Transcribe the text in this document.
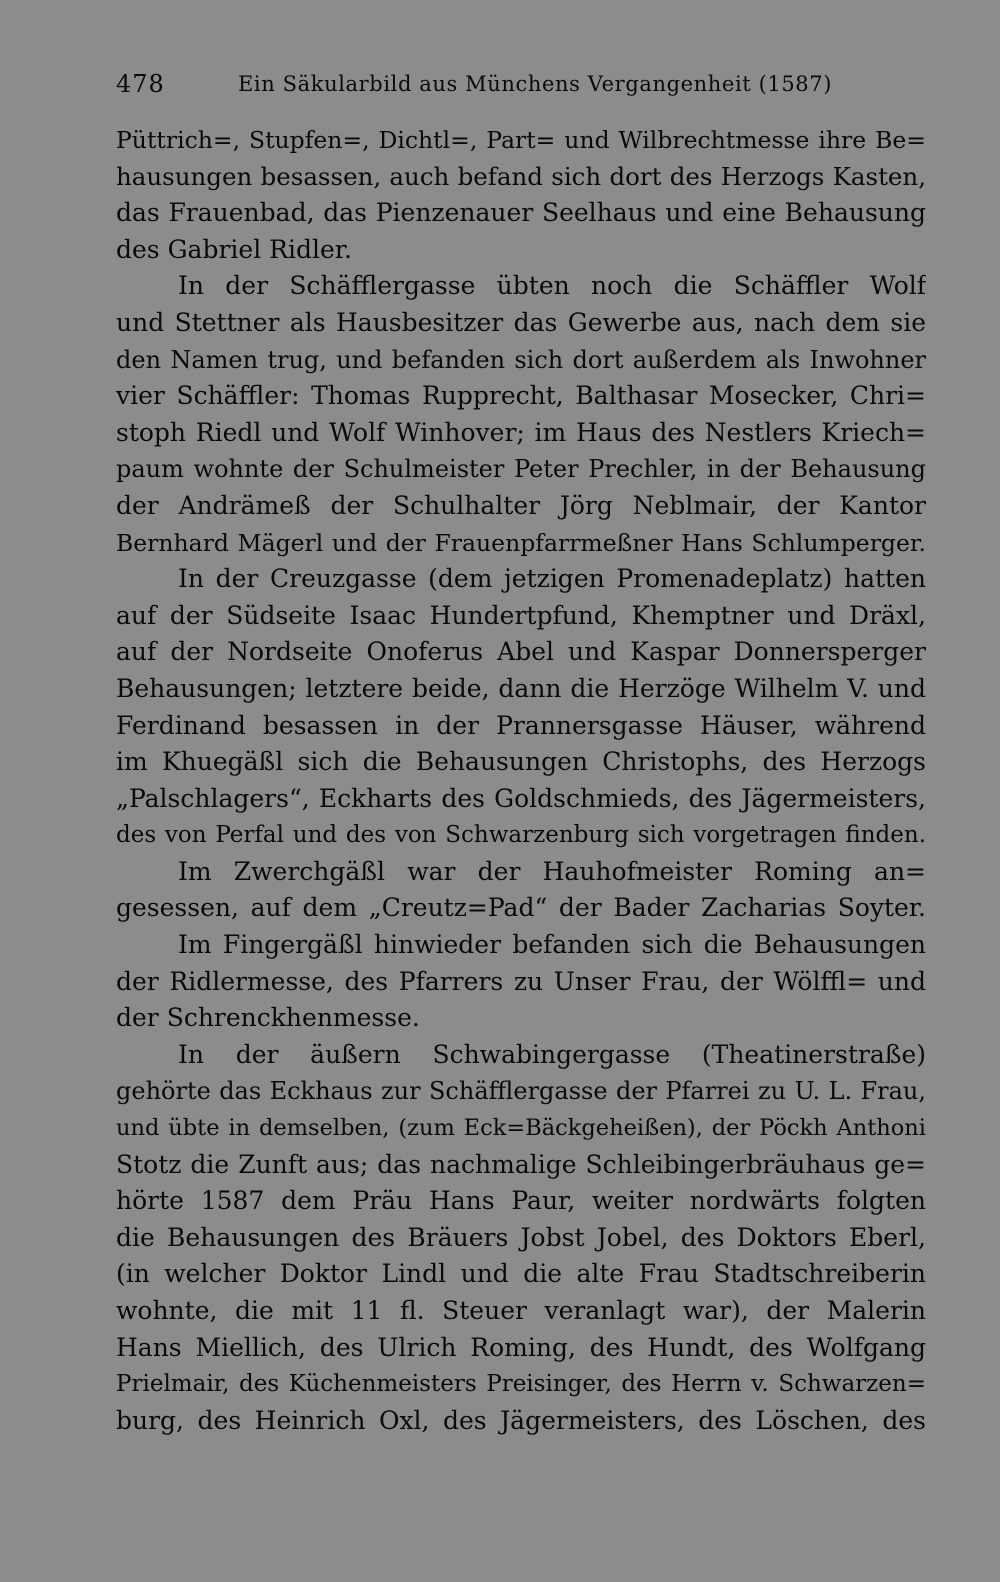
478	Ein Säkularbild aus Münchens Vergangenheit (1587)
Püttrich=, Stupfen=, Dichtl=, Part= und Wilbrechtmesse ihre Be=
hausungen besassen, auch befand sich dort des Herzogs Kasten,
das Frauenbad, das Pienzenauer Seelhaus und eine Behausung
des Gabriel Ridler.
In der Schäfflergasse übten noch die Schäffler Wolf
und Stettner als Hausbesitzer das Gewerbe aus, nach dem sie
den Namen trug, und befanden sich dort außerdem als Inwohner
vier Schäffler: Thomas Rupprecht, Balthasar Mosecker, Chri=
stoph Riedl und Wolf Winhover; im Haus des Nestlers Kriech=
paum wohnte der Schulmeister Peter Prechler, in der Behausung
der Andrämeß der Schulhalter Jörg Neblmair, der Kantor
Bernhard Mägerl und der Frauenpfarrmeßner Hans Schlumperger.
In der Creuzgasse (dem jetzigen Promenadeplatz) hatten
auf der Südseite Isaac Hundertpfund, Khemptner und Dräxl,
auf der Nordseite Onoferus Abel und Kaspar Donnersperger
Behausungen; letztere beide, dann die Herzöge Wilhelm V. und
Ferdinand besassen in der Prannersgasse Häuser, während
im Khuegäßl sich die Behausungen Christophs, des Herzogs
„Palschlagers“, Eckharts des Goldschmieds, des Jägermeisters,
des von Perfal und des von Schwarzenburg sich vorgetragen finden.
Im Zwerchgäßl war der Hauhofmeister Roming an=
gesessen, auf dem „Creutz=Pad“ der Bader Zacharias Soyter.
Im Fingergäßl hinwieder befanden sich die Behausungen
der Ridlermesse, des Pfarrers zu Unser Frau, der Wölffl= und
der Schrenckhenmesse.
In der äußern Schwabingergasse (Theatinerstraße)
gehörte das Eckhaus zur Schäfflergasse der Pfarrei zu U. L. Frau,
und übte in demselben, (zum Eck=Bäckgeheißen), der Pöckh Anthoni
Stotz die Zunft aus; das nachmalige Schleibingerbräuhaus ge=
hörte 1587 dem Präu Hans Paur, weiter nordwärts folgten
die Behausungen des Bräuers Jobst Jobel, des Doktors Eberl,
(in welcher Doktor Lindl und die alte Frau Stadtschreiberin
wohnte, die mit 11 fl. Steuer veranlagt war), der Malerin
Hans Miellich, des Ulrich Roming, des Hundt, des Wolfgang
Prielmair, des Küchenmeisters Preisinger, des Herrn v. Schwarzen=
burg, des Heinrich Oxl, des Jägermeisters, des Löschen, des
